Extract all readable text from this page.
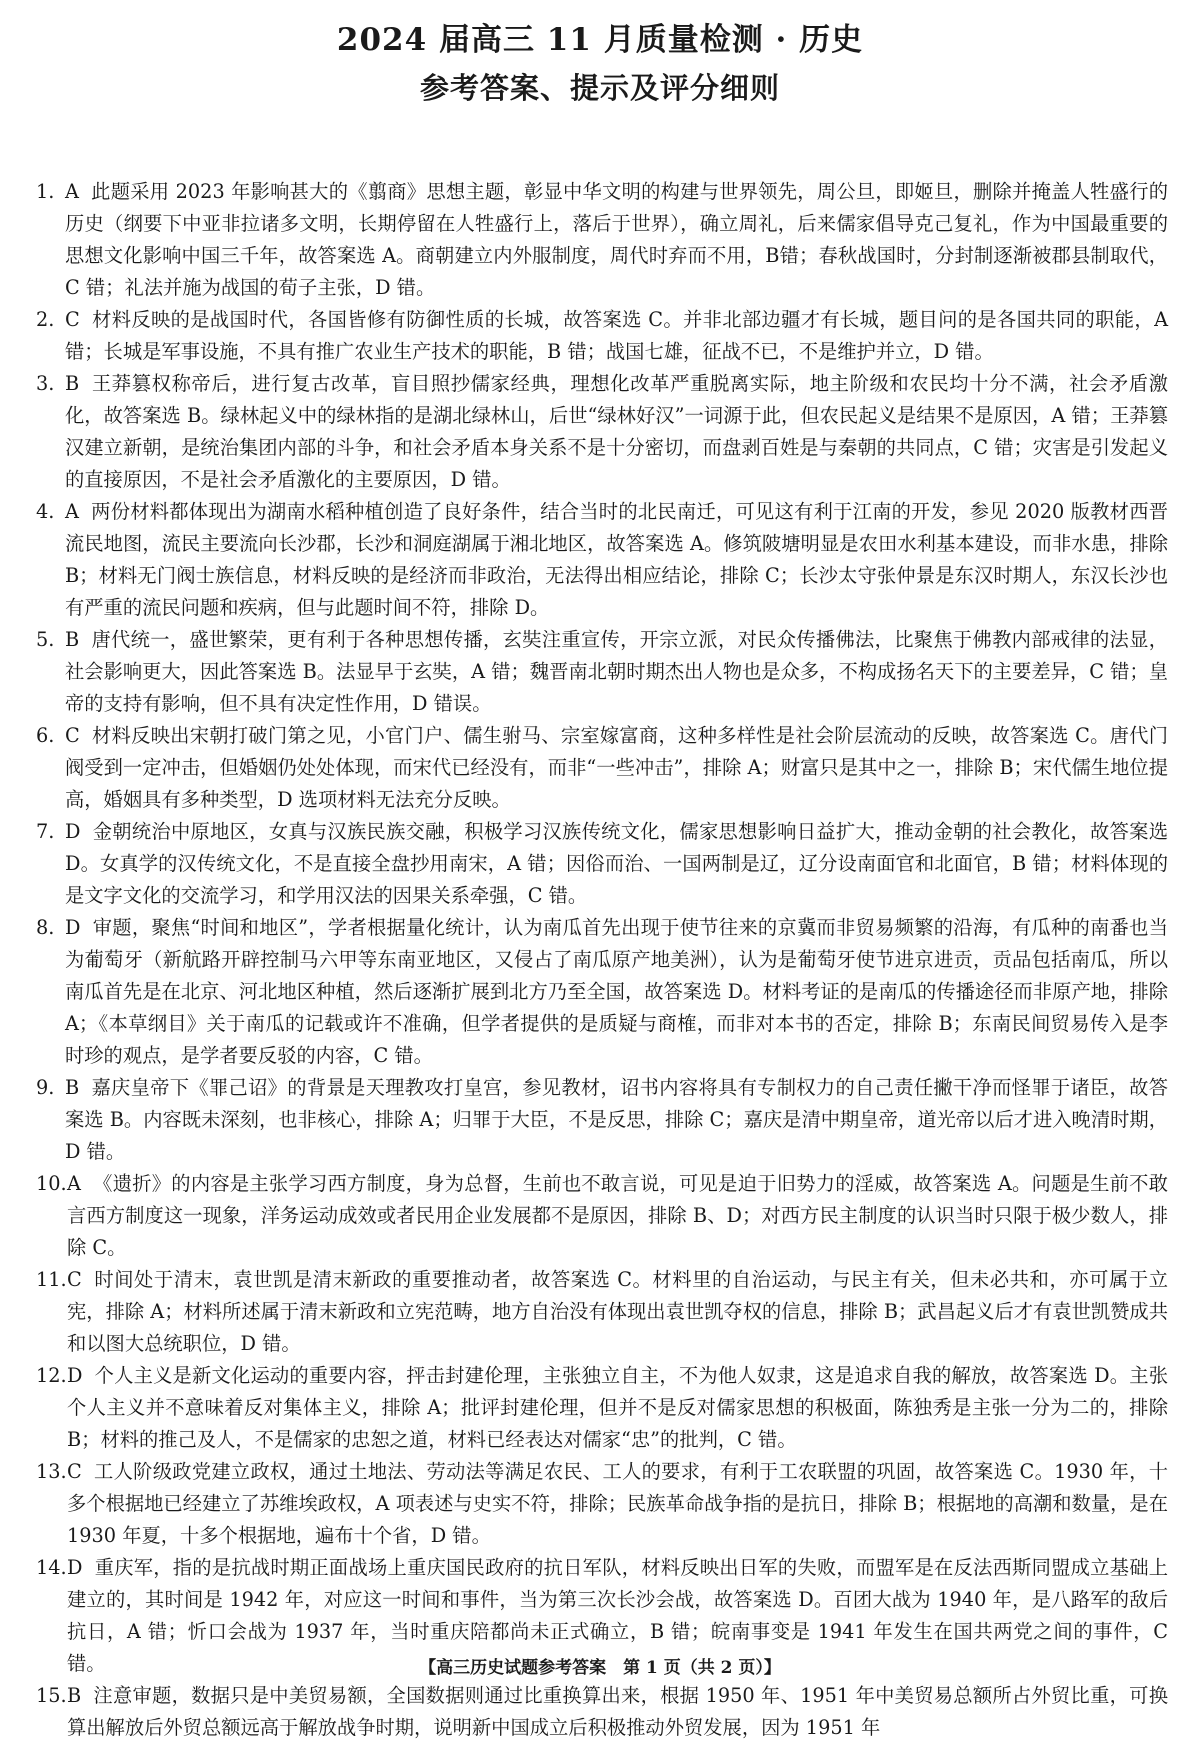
2024 届高三 11 月质量检测 · 历史
参考答案、提示及评分细则
1. A 此题采用 2023 年影响甚大的《翦商》思想主题，彰显中华文明的构建与世界领先，周公旦，即姬旦，删除并掩盖人牲盛行的历史（纲要下中亚非拉诸多文明，长期停留在人牲盛行上，落后于世界），确立周礼，后来儒家倡导克己复礼，作为中国最重要的思想文化影响中国三千年，故答案选 A。商朝建立内外服制度，周代时弃而不用，B错；春秋战国时，分封制逐渐被郡县制取代，C 错；礼法并施为战国的荀子主张，D 错。
2. C 材料反映的是战国时代，各国皆修有防御性质的长城，故答案选 C。并非北部边疆才有长城，题目问的是各国共同的职能，A 错；长城是军事设施，不具有推广农业生产技术的职能，B 错；战国七雄，征战不已，不是维护并立，D 错。
3. B 王莽篡权称帝后，进行复古改革，盲目照抄儒家经典，理想化改革严重脱离实际，地主阶级和农民均十分不满，社会矛盾激化，故答案选 B。绿林起义中的绿林指的是湖北绿林山，后世“绿林好汉”一词源于此，但农民起义是结果不是原因，A 错；王莽篡汉建立新朝，是统治集团内部的斗争，和社会矛盾本身关系不是十分密切，而盘剥百姓是与秦朝的共同点，C 错；灾害是引发起义的直接原因，不是社会矛盾激化的主要原因，D 错。
4. A 两份材料都体现出为湖南水稻种植创造了良好条件，结合当时的北民南迁，可见这有利于江南的开发，参见 2020 版教材西晋流民地图，流民主要流向长沙郡，长沙和洞庭湖属于湘北地区，故答案选 A。修筑陂塘明显是农田水利基本建设，而非水患，排除 B；材料无门阀士族信息，材料反映的是经济而非政治，无法得出相应结论，排除 C；长沙太守张仲景是东汉时期人，东汉长沙也有严重的流民问题和疾病，但与此题时间不符，排除 D。
5. B 唐代统一，盛世繁荣，更有利于各种思想传播，玄奘注重宣传，开宗立派，对民众传播佛法，比聚焦于佛教内部戒律的法显，社会影响更大，因此答案选 B。法显早于玄奘，A 错；魏晋南北朝时期杰出人物也是众多，不构成扬名天下的主要差异，C 错；皇帝的支持有影响，但不具有决定性作用，D 错误。
6. C 材料反映出宋朝打破门第之见，小官门户、儒生驸马、宗室嫁富商，这种多样性是社会阶层流动的反映，故答案选 C。唐代门阀受到一定冲击，但婚姻仍处处体现，而宋代已经没有，而非“一些冲击”，排除 A；财富只是其中之一，排除 B；宋代儒生地位提高，婚姻具有多种类型，D 选项材料无法充分反映。
7. D 金朝统治中原地区，女真与汉族民族交融，积极学习汉族传统文化，儒家思想影响日益扩大，推动金朝的社会教化，故答案选 D。女真学的汉传统文化，不是直接全盘抄用南宋，A 错；因俗而治、一国两制是辽，辽分设南面官和北面官，B 错；材料体现的是文字文化的交流学习，和学用汉法的因果关系牵强，C 错。
8. D 审题，聚焦“时间和地区”，学者根据量化统计，认为南瓜首先出现于使节往来的京冀而非贸易频繁的沿海，有瓜种的南番也当为葡萄牙（新航路开辟控制马六甲等东南亚地区，又侵占了南瓜原产地美洲），认为是葡萄牙使节进京进贡，贡品包括南瓜，所以南瓜首先是在北京、河北地区种植，然后逐渐扩展到北方乃至全国，故答案选 D。材料考证的是南瓜的传播途径而非原产地，排除 A；《本草纲目》关于南瓜的记载或许不准确，但学者提供的是质疑与商榷，而非对本书的否定，排除 B；东南民间贸易传入是李时珍的观点，是学者要反驳的内容，C 错。
9. B 嘉庆皇帝下《罪己诏》的背景是天理教攻打皇宫，参见教材，诏书内容将具有专制权力的自己责任撇干净而怪罪于诸臣，故答案选 B。内容既未深刻，也非核心，排除 A；归罪于大臣，不是反思，排除 C；嘉庆是清中期皇帝，道光帝以后才进入晚清时期，D 错。
10. A 《遗折》的内容是主张学习西方制度，身为总督，生前也不敢言说，可见是迫于旧势力的淫威，故答案选 A。问题是生前不敢言西方制度这一现象，洋务运动成效或者民用企业发展都不是原因，排除 B、D；对西方民主制度的认识当时只限于极少数人，排除 C。
11. C 时间处于清末，袁世凯是清末新政的重要推动者，故答案选 C。材料里的自治运动，与民主有关，但未必共和，亦可属于立宪，排除 A；材料所述属于清末新政和立宪范畴，地方自治没有体现出袁世凯夺权的信息，排除 B；武昌起义后才有袁世凯赞成共和以图大总统职位，D 错。
12. D 个人主义是新文化运动的重要内容，抨击封建伦理，主张独立自主，不为他人奴隶，这是追求自我的解放，故答案选 D。主张个人主义并不意味着反对集体主义，排除 A；批评封建伦理，但并不是反对儒家思想的积极面，陈独秀是主张一分为二的，排除 B；材料的推己及人，不是儒家的忠恕之道，材料已经表达对儒家“忠”的批判，C 错。
13. C 工人阶级政党建立政权，通过土地法、劳动法等满足农民、工人的要求，有利于工农联盟的巩固，故答案选 C。1930 年，十多个根据地已经建立了苏维埃政权，A 项表述与史实不符，排除；民族革命战争指的是抗日，排除 B；根据地的高潮和数量，是在 1930 年夏，十多个根据地，遍布十个省，D 错。
14. D 重庆军，指的是抗战时期正面战场上重庆国民政府的抗日军队，材料反映出日军的失败，而盟军是在反法西斯同盟成立基础上建立的，其时间是 1942 年，对应这一时间和事件，当为第三次长沙会战，故答案选 D。百团大战为 1940 年，是八路军的敌后抗日，A 错；忻口会战为 1937 年，当时重庆陪都尚未正式确立，B 错；皖南事变是 1941 年发生在国共两党之间的事件，C 错。
15. B 注意审题，数据只是中美贸易额，全国数据则通过比重换算出来，根据 1950 年、1951 年中美贸易总额所占外贸比重，可换算出解放后外贸总额远高于解放战争时期，说明新中国成立后积极推动外贸发展，因为 1951 年
【高三历史试题参考答案　第 1 页（共 2 页）】
